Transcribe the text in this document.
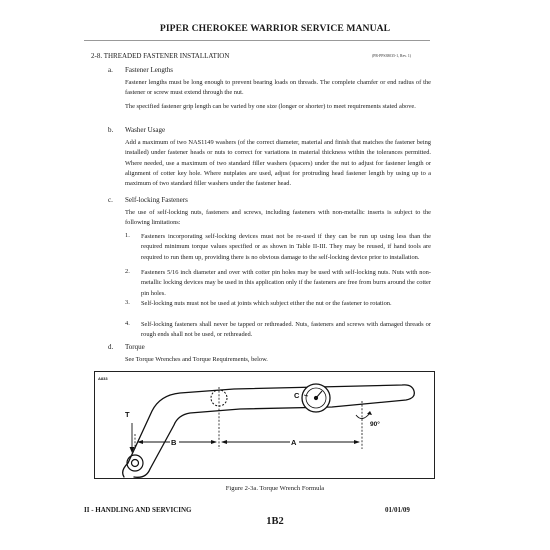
PIPER CHEROKEE WARRIOR SERVICE MANUAL
2-8. THREADED FASTENER INSTALLATION	(PR-PPS38035-1, Rev. 1)
a. Fastener Lengths
Fastener lengths must be long enough to prevent bearing loads on threads. The complete chamfer or end radius of the fastener or screw must extend through the nut.
The specified fastener grip length can be varied by one size (longer or shorter) to meet requirements stated above.
b. Washer Usage
Add a maximum of two NAS1149 washers (of the correct diameter, material and finish that matches the fastener being installed) under fastener heads or nuts to correct for variations in material thickness within the tolerances permitted. Where needed, use a maximum of two standard filler washers (spacers) under the nut to adjust for fastener length or alignment of cotter key hole. Where nutplates are used, adjust for protruding head fastener length by using up to a maximum of two standard filler washers under the fastener head.
c. Self-locking Fasteners
The use of self-locking nuts, fasteners and screws, including fasteners with non-metallic inserts is subject to the following limitations:
1. Fasteners incorporating self-locking devices must not be re-used if they can be run up using less than the required minimum torque values specified or as shown in Table II-III. They may be reused, if hand tools are required to run them up, providing there is no obvious damage to the self-locking device prior to installation.
2. Fasteners 5/16 inch diameter and over with cotter pin holes may be used with self-locking nuts. Nuts with non-metallic locking devices may be used in this application only if the fasteners are free from burrs around the cotter pin holes.
3. Self-locking nuts must not be used at joints which subject either the nut or the fastener to rotation.
4. Self-locking fasteners shall never be tapped or rethreaded. Nuts, fasteners and screws with damaged threads or rough ends shall not be used, or rethreaded.
d. Torque
See Torque Wrenches and Torque Requirements, below.
A833
T
B	A
C
90°
Figure 2-3a. Torque Wrench Formula
II - HANDLING AND SERVICING	01/01/09
1B2
